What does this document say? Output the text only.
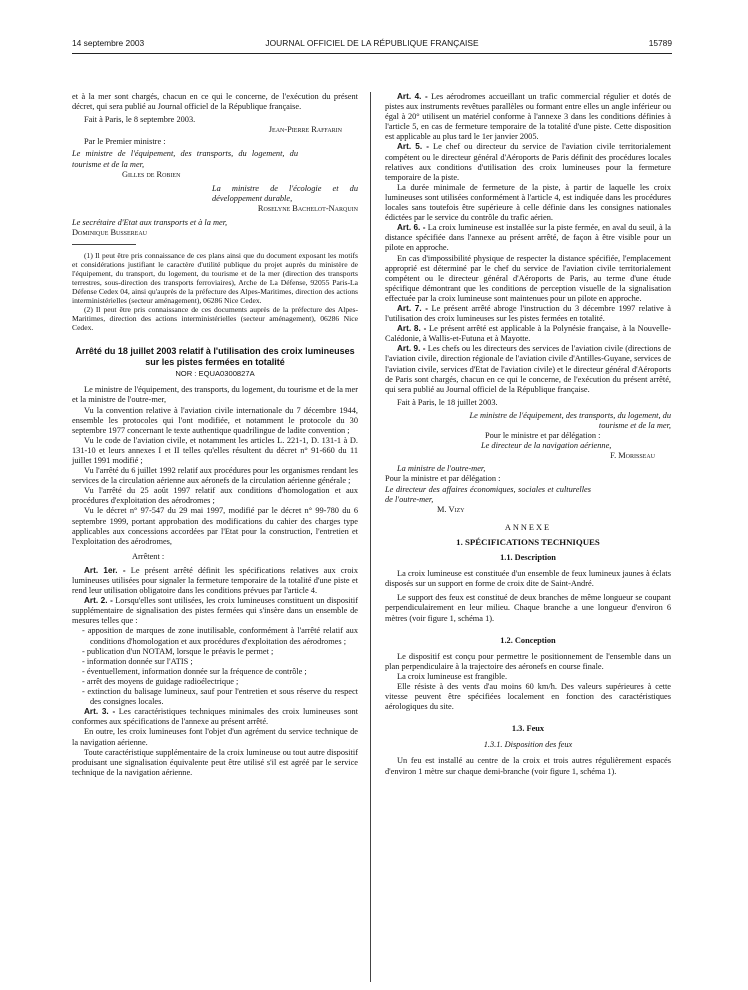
14 septembre 2003	JOURNAL OFFICIEL DE LA RÉPUBLIQUE FRANÇAISE	15789

et à la mer sont chargés, chacun en ce qui le concerne, de l'exécution du présent décret, qui sera publié au Journal officiel de la République française.

Fait à Paris, le 8 septembre 2003.

Jean-Pierre Raffarin

Par le Premier ministre :

Le ministre de l'équipement, des transports, du logement, du tourisme et de la mer,

Gilles de Robien

La ministre de l'écologie et du développement durable,

Roselyne Bachelot-Narquin

Le secrétaire d'Etat aux transports et à la mer,

Dominique Bussereau

(1) Il peut être pris connaissance de ces plans ainsi que du document exposant les motifs et considérations justifiant le caractère d'utilité publique du projet auprès du ministère de l'équipement, du transport, du logement, du tourisme et de la mer (direction des transports terrestres, sous-direction des transports ferroviaires), Arche de La Défense, 92055 Paris-La Défense Cedex 04, ainsi qu'auprès de la préfecture des Alpes-Maritimes, direction des actions interministérielles (secteur aménagement), 06286 Nice Cedex.

(2) Il peut être pris connaissance de ces documents auprès de la préfecture des Alpes-Maritimes, direction des actions interministérielles (secteur aménagement), 06286 Nice Cedex.

Arrêté du 18 juillet 2003 relatif à l'utilisation des croix lumineuses sur les pistes fermées en totalité
NOR : EQUA0300827A

Le ministre de l'équipement, des transports, du logement, du tourisme et de la mer et la ministre de l'outre-mer,

Vu la convention relative à l'aviation civile internationale du 7 décembre 1944, ensemble les protocoles qui l'ont modifiée, et notamment le protocole du 30 septembre 1977 concernant le texte authentique quadrilingue de ladite convention ;

Vu le code de l'aviation civile, et notamment les articles L. 221-1, D. 131-1 à D. 131-10 et leurs annexes I et II telles qu'elles résultent du décret n° 91-660 du 11 juillet 1991 modifié ;

Vu l'arrêté du 6 juillet 1992 relatif aux procédures pour les organismes rendant les services de la circulation aérienne aux aéronefs de la circulation aérienne générale ;

Vu l'arrêté du 25 août 1997 relatif aux conditions d'homologation et aux procédures d'exploitation des aérodromes ;

Vu le décret n° 97-547 du 29 mai 1997, modifié par le décret n° 99-780 du 6 septembre 1999, portant approbation des modifications du cahier des charges type applicables aux concessions accordées par l'Etat pour la construction, l'entretien et l'exploitation des aérodromes,

Arrêtent :

Art. 1er. - Le présent arrêté définit les spécifications relatives aux croix lumineuses utilisées pour signaler la fermeture temporaire de la totalité d'une piste et rend leur utilisation obligatoire dans les conditions prévues par l'article 4.

Art. 2. - Lorsqu'elles sont utilisées, les croix lumineuses constituent un dispositif supplémentaire de signalisation des pistes fermées qui s'insère dans un ensemble de mesures telles que :

- apposition de marques de zone inutilisable, conformément à l'arrêté relatif aux conditions d'homologation et aux procédures d'exploitation des aérodromes ;
- publication d'un NOTAM, lorsque le préavis le permet ;
- information donnée sur l'ATIS ;
- éventuellement, information donnée sur la fréquence de contrôle ;
- arrêt des moyens de guidage radioélectrique ;
- extinction du balisage lumineux, sauf pour l'entretien et sous réserve du respect des consignes locales.

Art. 3. - Les caractéristiques techniques minimales des croix lumineuses sont conformes aux spécifications de l'annexe au présent arrêté.

En outre, les croix lumineuses font l'objet d'un agrément du service technique de la navigation aérienne.

Toute caractéristique supplémentaire de la croix lumineuse ou tout autre dispositif produisant une signalisation équivalente peut être utilisé s'il est agréé par le service technique de la navigation aérienne.

Art. 4. - Les aérodromes accueillant un trafic commercial régulier et dotés de pistes aux instruments revêtues parallèles ou formant entre elles un angle inférieur ou égal à 20° utilisent un matériel conforme à l'annexe 3 dans les conditions définies à l'article 5, en cas de fermeture temporaire de la totalité d'une piste. Cette disposition est applicable au plus tard le 1er janvier 2005.

Art. 5. - Le chef ou directeur du service de l'aviation civile territorialement compétent ou le directeur général d'Aéroports de Paris définit des procédures locales relatives aux conditions d'utilisation des croix lumineuses pour la fermeture temporaire de la piste.

La durée minimale de fermeture de la piste, à partir de laquelle les croix lumineuses sont utilisées conformément à l'article 4, est indiquée dans les procédures locales sans toutefois être supérieure à celle définie dans les consignes nationales édictées par le service du contrôle du trafic aérien.

Art. 6. - La croix lumineuse est installée sur la piste fermée, en aval du seuil, à la distance spécifiée dans l'annexe au présent arrêté, de façon à être visible pour un pilote en approche.

En cas d'impossibilité physique de respecter la distance spécifiée, l'emplacement approprié est déterminé par le chef du service de l'aviation civile territorialement compétent ou le directeur général d'Aéroports de Paris, au terme d'une étude spécifique démontrant que les conditions de perception visuelle de la signalisation effectuée par la croix lumineuse sont maintenues pour un pilote en approche.

Art. 7. - Le présent arrêté abroge l'instruction du 3 décembre 1997 relative à l'utilisation des croix lumineuses sur les pistes fermées en totalité.

Art. 8. - Le présent arrêté est applicable à la Polynésie française, à la Nouvelle-Calédonie, à Wallis-et-Futuna et à Mayotte.

Art. 9. - Les chefs ou les directeurs des services de l'aviation civile (directions de l'aviation civile, direction régionale de l'aviation civile d'Antilles-Guyane, services de l'aviation civile, services d'Etat de l'aviation civile) et le directeur général d'Aéroports de Paris sont chargés, chacun en ce qui le concerne, de l'exécution du présent arrêté, qui sera publié au Journal officiel de la République française.

Fait à Paris, le 18 juillet 2003.

Le ministre de l'équipement, des transports, du logement, du tourisme et de la mer,

Pour le ministre et par délégation :

Le directeur de la navigation aérienne,

F. Morisseau

La ministre de l'outre-mer,

Pour la ministre et par délégation :

Le directeur des affaires économiques, sociales et culturelles de l'outre-mer,

M. Vizy

ANNEXE
1. SPÉCIFICATIONS TECHNIQUES
1.1. Description

La croix lumineuse est constituée d'un ensemble de feux lumineux jaunes à éclats disposés sur un support en forme de croix dite de Saint-André.

Le support des feux est constitué de deux branches de même longueur se coupant perpendiculairement en leur milieu. Chaque branche a une longueur d'environ 6 mètres (voir figure 1, schéma 1).

1.2. Conception

Le dispositif est conçu pour permettre le positionnement de l'ensemble dans un plan perpendiculaire à la trajectoire des aéronefs en course finale.

La croix lumineuse est frangible.

Elle résiste à des vents d'au moins 60 km/h. Des valeurs supérieures à cette vitesse peuvent être spécifiées localement en fonction des caractéristiques aérologiques du site.

1.3. Feux
1.3.1. Disposition des feux

Un feu est installé au centre de la croix et trois autres régulièrement espacés d'environ 1 mètre sur chaque demi-branche (voir figure 1, schéma 1).
